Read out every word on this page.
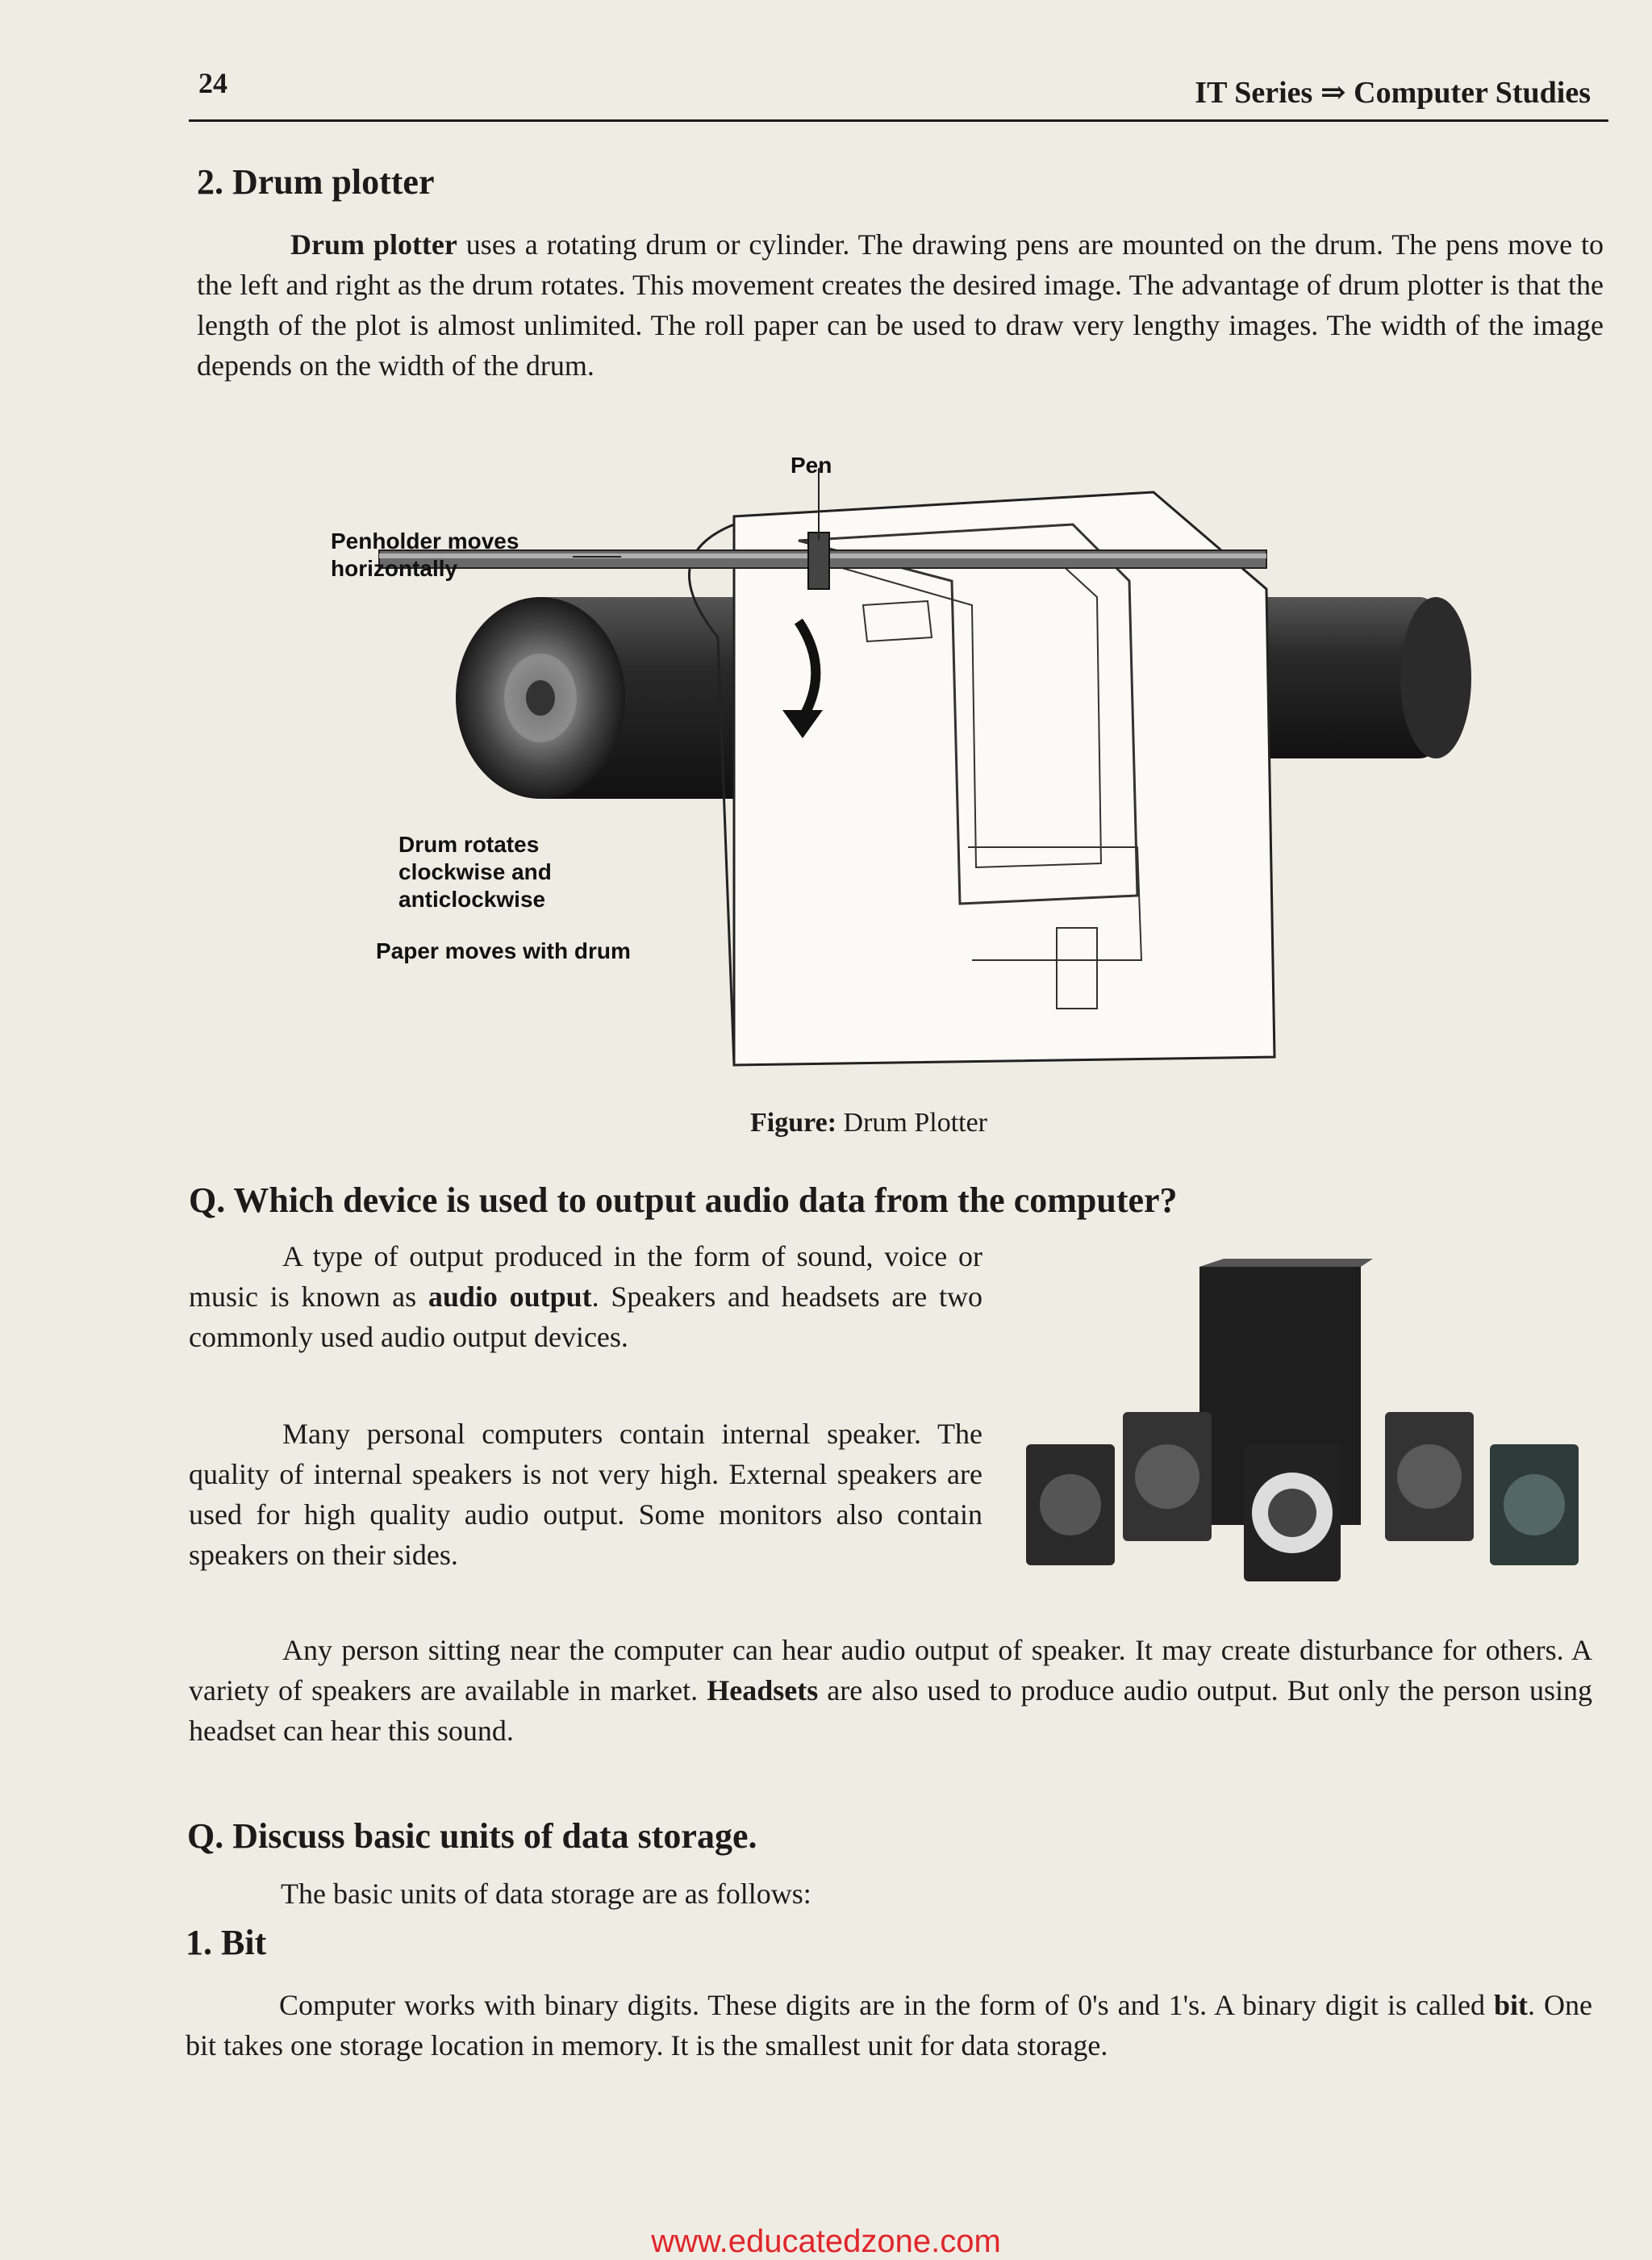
24	IT Series ⇒ Computer Studies
2. Drum plotter
Drum plotter uses a rotating drum or cylinder. The drawing pens are mounted on the drum. The pens move to the left and right as the drum rotates. This movement creates the desired image. The advantage of drum plotter is that the length of the plot is almost unlimited. The roll paper can be used to draw very lengthy images. The width of the image depends on the width of the drum.
Pen
Penholder moves
horizontally
Drum rotates
clockwise and
anticlockwise
Paper moves with drum
Figure: Drum Plotter
Q. Which device is used to output audio data from the computer?
A type of output produced in the form of sound, voice or music is known as audio output. Speakers and headsets are two commonly used audio output devices.
Many personal computers contain internal speaker. The quality of internal speakers is not very high. External speakers are used for high quality audio output. Some monitors also contain speakers on their sides.
Any person sitting near the computer can hear audio output of speaker. It may create disturbance for others. A variety of speakers are available in market. Headsets are also used to produce audio output. But only the person using headset can hear this sound.
Q. Discuss basic units of data storage.
The basic units of data storage are as follows:
1. Bit
Computer works with binary digits. These digits are in the form of 0's and 1's. A binary digit is called bit. One bit takes one storage location in memory. It is the smallest unit for data storage.
www.educatedzone.com
